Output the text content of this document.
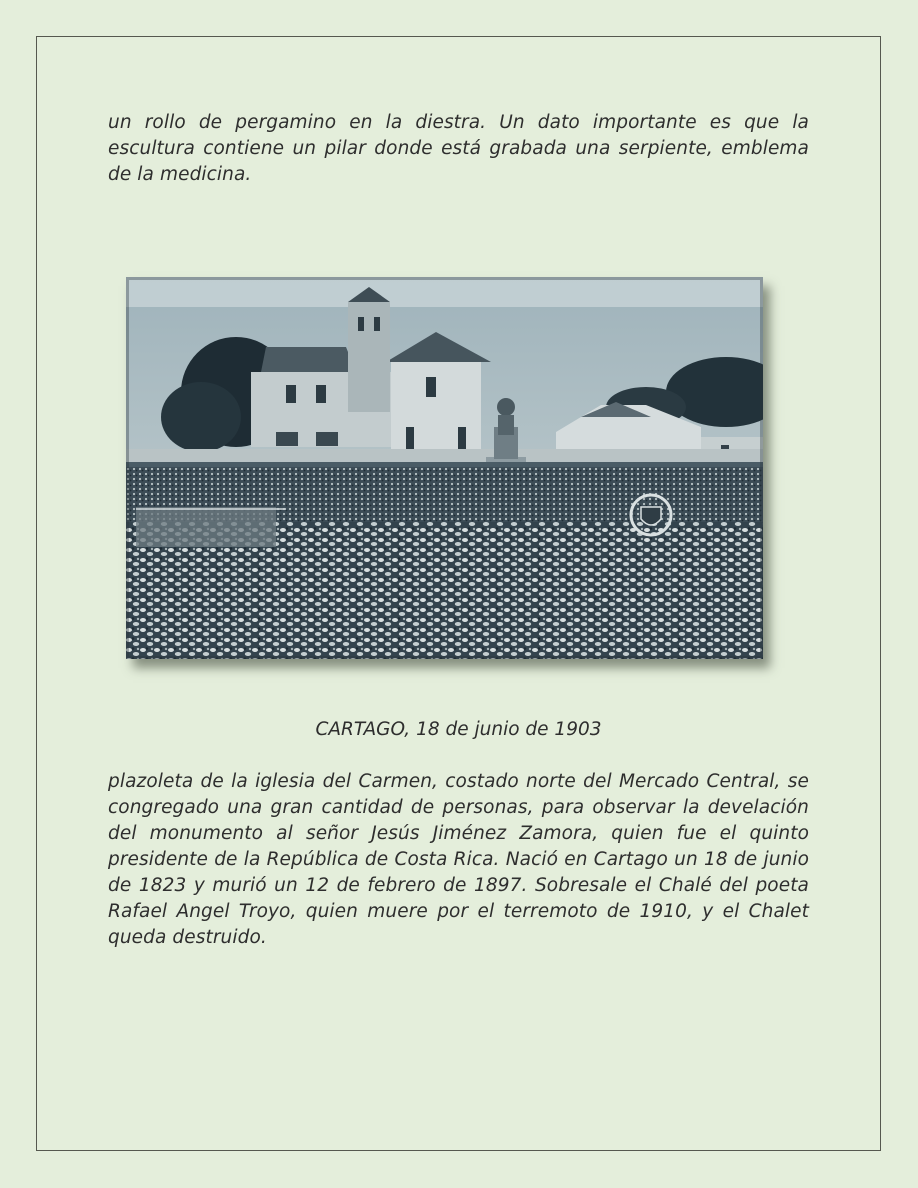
un rollo de pergamino en la diestra. Un dato importante es que la escultura contiene un pilar donde está grabada una serpiente, emblema de la medicina.

CARTAGO, 18 de junio de 1903

plazoleta de la iglesia del Carmen, costado norte del Mercado Central, se congregado una gran cantidad de personas, para observar la develación del monumento al señor Jesús Jiménez Zamora, quien fue el quinto presidente de la República de Costa Rica. Nació en Cartago un 18 de junio de 1823 y murió un 12 de febrero de 1897. Sobresale el Chalé del poeta Rafael Angel Troyo, quien muere por el terremoto de 1910, y el Chalet queda destruido.
